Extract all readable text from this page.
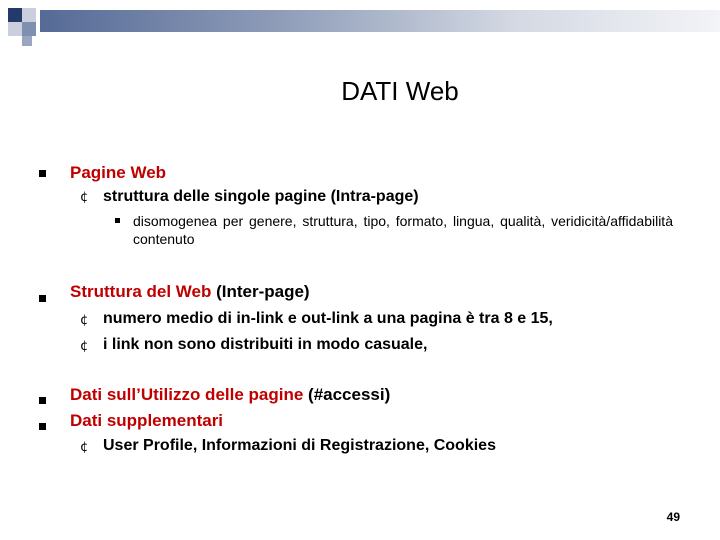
DATI Web
Pagine Web
¢ struttura delle singole pagine (Intra-page)
disomogenea per genere, struttura, tipo, formato, lingua, qualità, veridicità/affidabilità contenuto
Struttura del Web (Inter-page)
¢ numero medio di in-link e out-link a una pagina è tra 8 e 15,
¢ i link non sono distribuiti in modo casuale,
Dati sull’Utilizzo delle pagine (#accessi)
Dati supplementari
¢ User Profile, Informazioni di Registrazione, Cookies
49
